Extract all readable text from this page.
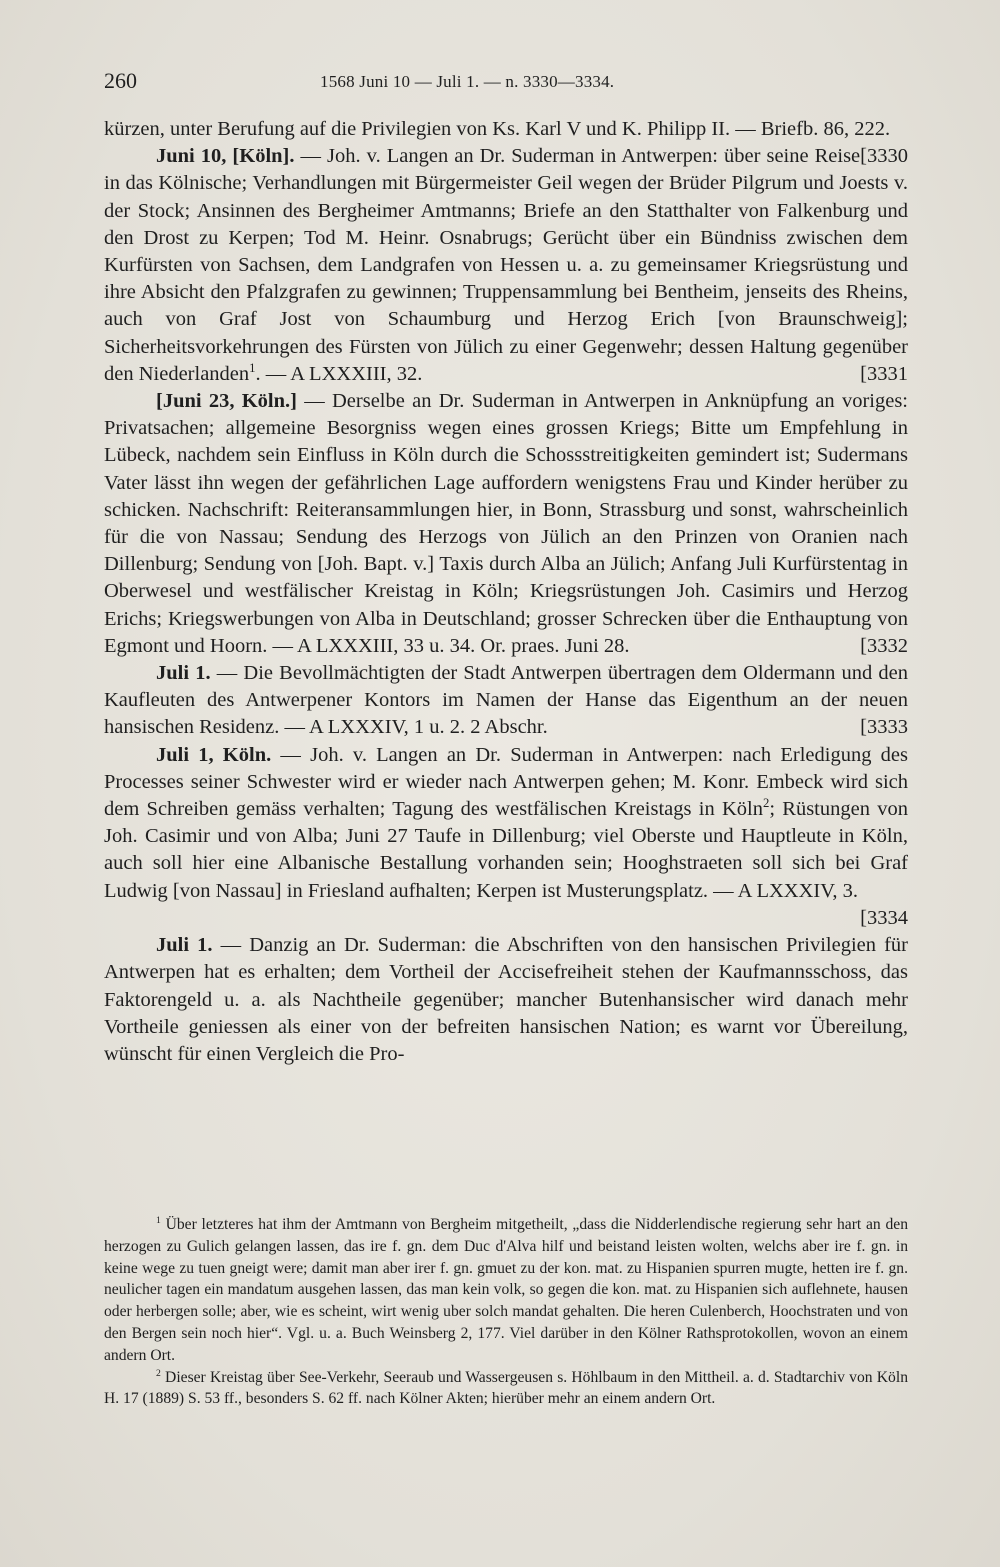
260	1568 Juni 10 — Juli 1. — n. 3330—3334.

kürzen, unter Berufung auf die Privilegien von Ks. Karl V und K. Philipp II. — Briefb. 86, 222.
[3330

Juni 10, [Köln]. — Joh. v. Langen an Dr. Suderman in Antwerpen: über seine Reise in das Kölnische; Verhandlungen mit Bürgermeister Geil wegen der Brüder Pilgrum und Joests v. der Stock; Ansinnen des Bergheimer Amtmanns; Briefe an den Statthalter von Falkenburg und den Drost zu Kerpen; Tod M. Heinr. Osnabrugs; Gerücht über ein Bündniss zwischen dem Kurfürsten von Sachsen, dem Landgrafen von Hessen u. a. zu gemeinsamer Kriegsrüstung und ihre Absicht den Pfalzgrafen zu gewinnen; Truppensammlung bei Bentheim, jenseits des Rheins, auch von Graf Jost von Schaumburg und Herzog Erich [von Braunschweig]; Sicherheitsvorkehrungen des Fürsten von Jülich zu einer Gegenwehr; dessen Haltung gegenüber den Niederlanden$^1$. — A LXXXIII, 32.	[3331

[Juni 23, Köln.] — Derselbe an Dr. Suderman in Antwerpen in Anknüpfung an voriges: Privatsachen; allgemeine Besorgniss wegen eines grossen Kriegs; Bitte um Empfehlung in Lübeck, nachdem sein Einfluss in Köln durch die Schossstreitigkeiten gemindert ist; Sudermans Vater lässt ihn wegen der gefährlichen Lage auffordern wenigstens Frau und Kinder herüber zu schicken. Nachschrift: Reiteransammlungen hier, in Bonn, Strassburg und sonst, wahrscheinlich für die von Nassau; Sendung des Herzogs von Jülich an den Prinzen von Oranien nach Dillenburg; Sendung von [Joh. Bapt. v.] Taxis durch Alba an Jülich; Anfang Juli Kurfürstentag in Oberwesel und westfälischer Kreistag in Köln; Kriegsrüstungen Joh. Casimirs und Herzog Erichs; Kriegswerbungen von Alba in Deutschland; grosser Schrecken über die Enthauptung von Egmont und Hoorn. — A LXXXIII, 33 u. 34. Or. praes. Juni 28.	[3332

Juli 1. — Die Bevollmächtigten der Stadt Antwerpen übertragen dem Oldermann und den Kaufleuten des Antwerpener Kontors im Namen der Hanse das Eigenthum an der neuen hansischen Residenz. — A LXXXIV, 1 u. 2. 2 Abschr.	[3333

Juli 1, Köln. — Joh. v. Langen an Dr. Suderman in Antwerpen: nach Erledigung des Processes seiner Schwester wird er wieder nach Antwerpen gehen; M. Konr. Embeck wird sich dem Schreiben gemäss verhalten; Tagung des westfälischen Kreistags in Köln$^2$; Rüstungen von Joh. Casimir und von Alba; Juni 27 Taufe in Dillenburg; viel Oberste und Hauptleute in Köln, auch soll hier eine Albanische Bestallung vorhanden sein; Hooghstraeten soll sich bei Graf Ludwig [von Nassau] in Friesland aufhalten; Kerpen ist Musterungsplatz. — A LXXXIV, 3.
[3334

Juli 1. — Danzig an Dr. Suderman: die Abschriften von den hansischen Privilegien für Antwerpen hat es erhalten; dem Vortheil der Accisefreiheit stehen der Kaufmannsschoss, das Faktorengeld u. a. als Nachtheile gegenüber; mancher Butenhansischer wird danach mehr Vortheile geniessen als einer von der befreiten hansischen Nation; es warnt vor Übereilung, wünscht für einen Vergleich die Pro-

$^1$ Über letzteres hat ihm der Amtmann von Bergheim mitgetheilt, „dass die Nidderlendische regierung sehr hart an den herzogen zu Gulich gelangen lassen, das ire f. gn. dem Duc d'Alva hilf und beistand leisten wolten, welchs aber ire f. gn. in keine wege zu tuen gneigt were; damit man aber irer f. gn. gmuet zu der kon. mat. zu Hispanien spurren mugte, hetten ire f. gn. neulicher tagen ein mandatum ausgehen lassen, das man kein volk, so gegen die kon. mat. zu Hispanien sich auflehnete, hausen oder herbergen solle; aber, wie es scheint, wirt wenig uber solch mandat gehalten. Die heren Culenberch, Hoochstraten und von den Bergen sein noch hier“. Vgl. u. a. Buch Weinsberg 2, 177. Viel darüber in den Kölner Rathsprotokollen, wovon an einem andern Ort.

$^2$ Dieser Kreistag über See-Verkehr, Seeraub und Wassergeusen s. Höhlbaum in den Mittheil. a. d. Stadtarchiv von Köln H. 17 (1889) S. 53 ff., besonders S. 62 ff. nach Kölner Akten; hierüber mehr an einem andern Ort.
